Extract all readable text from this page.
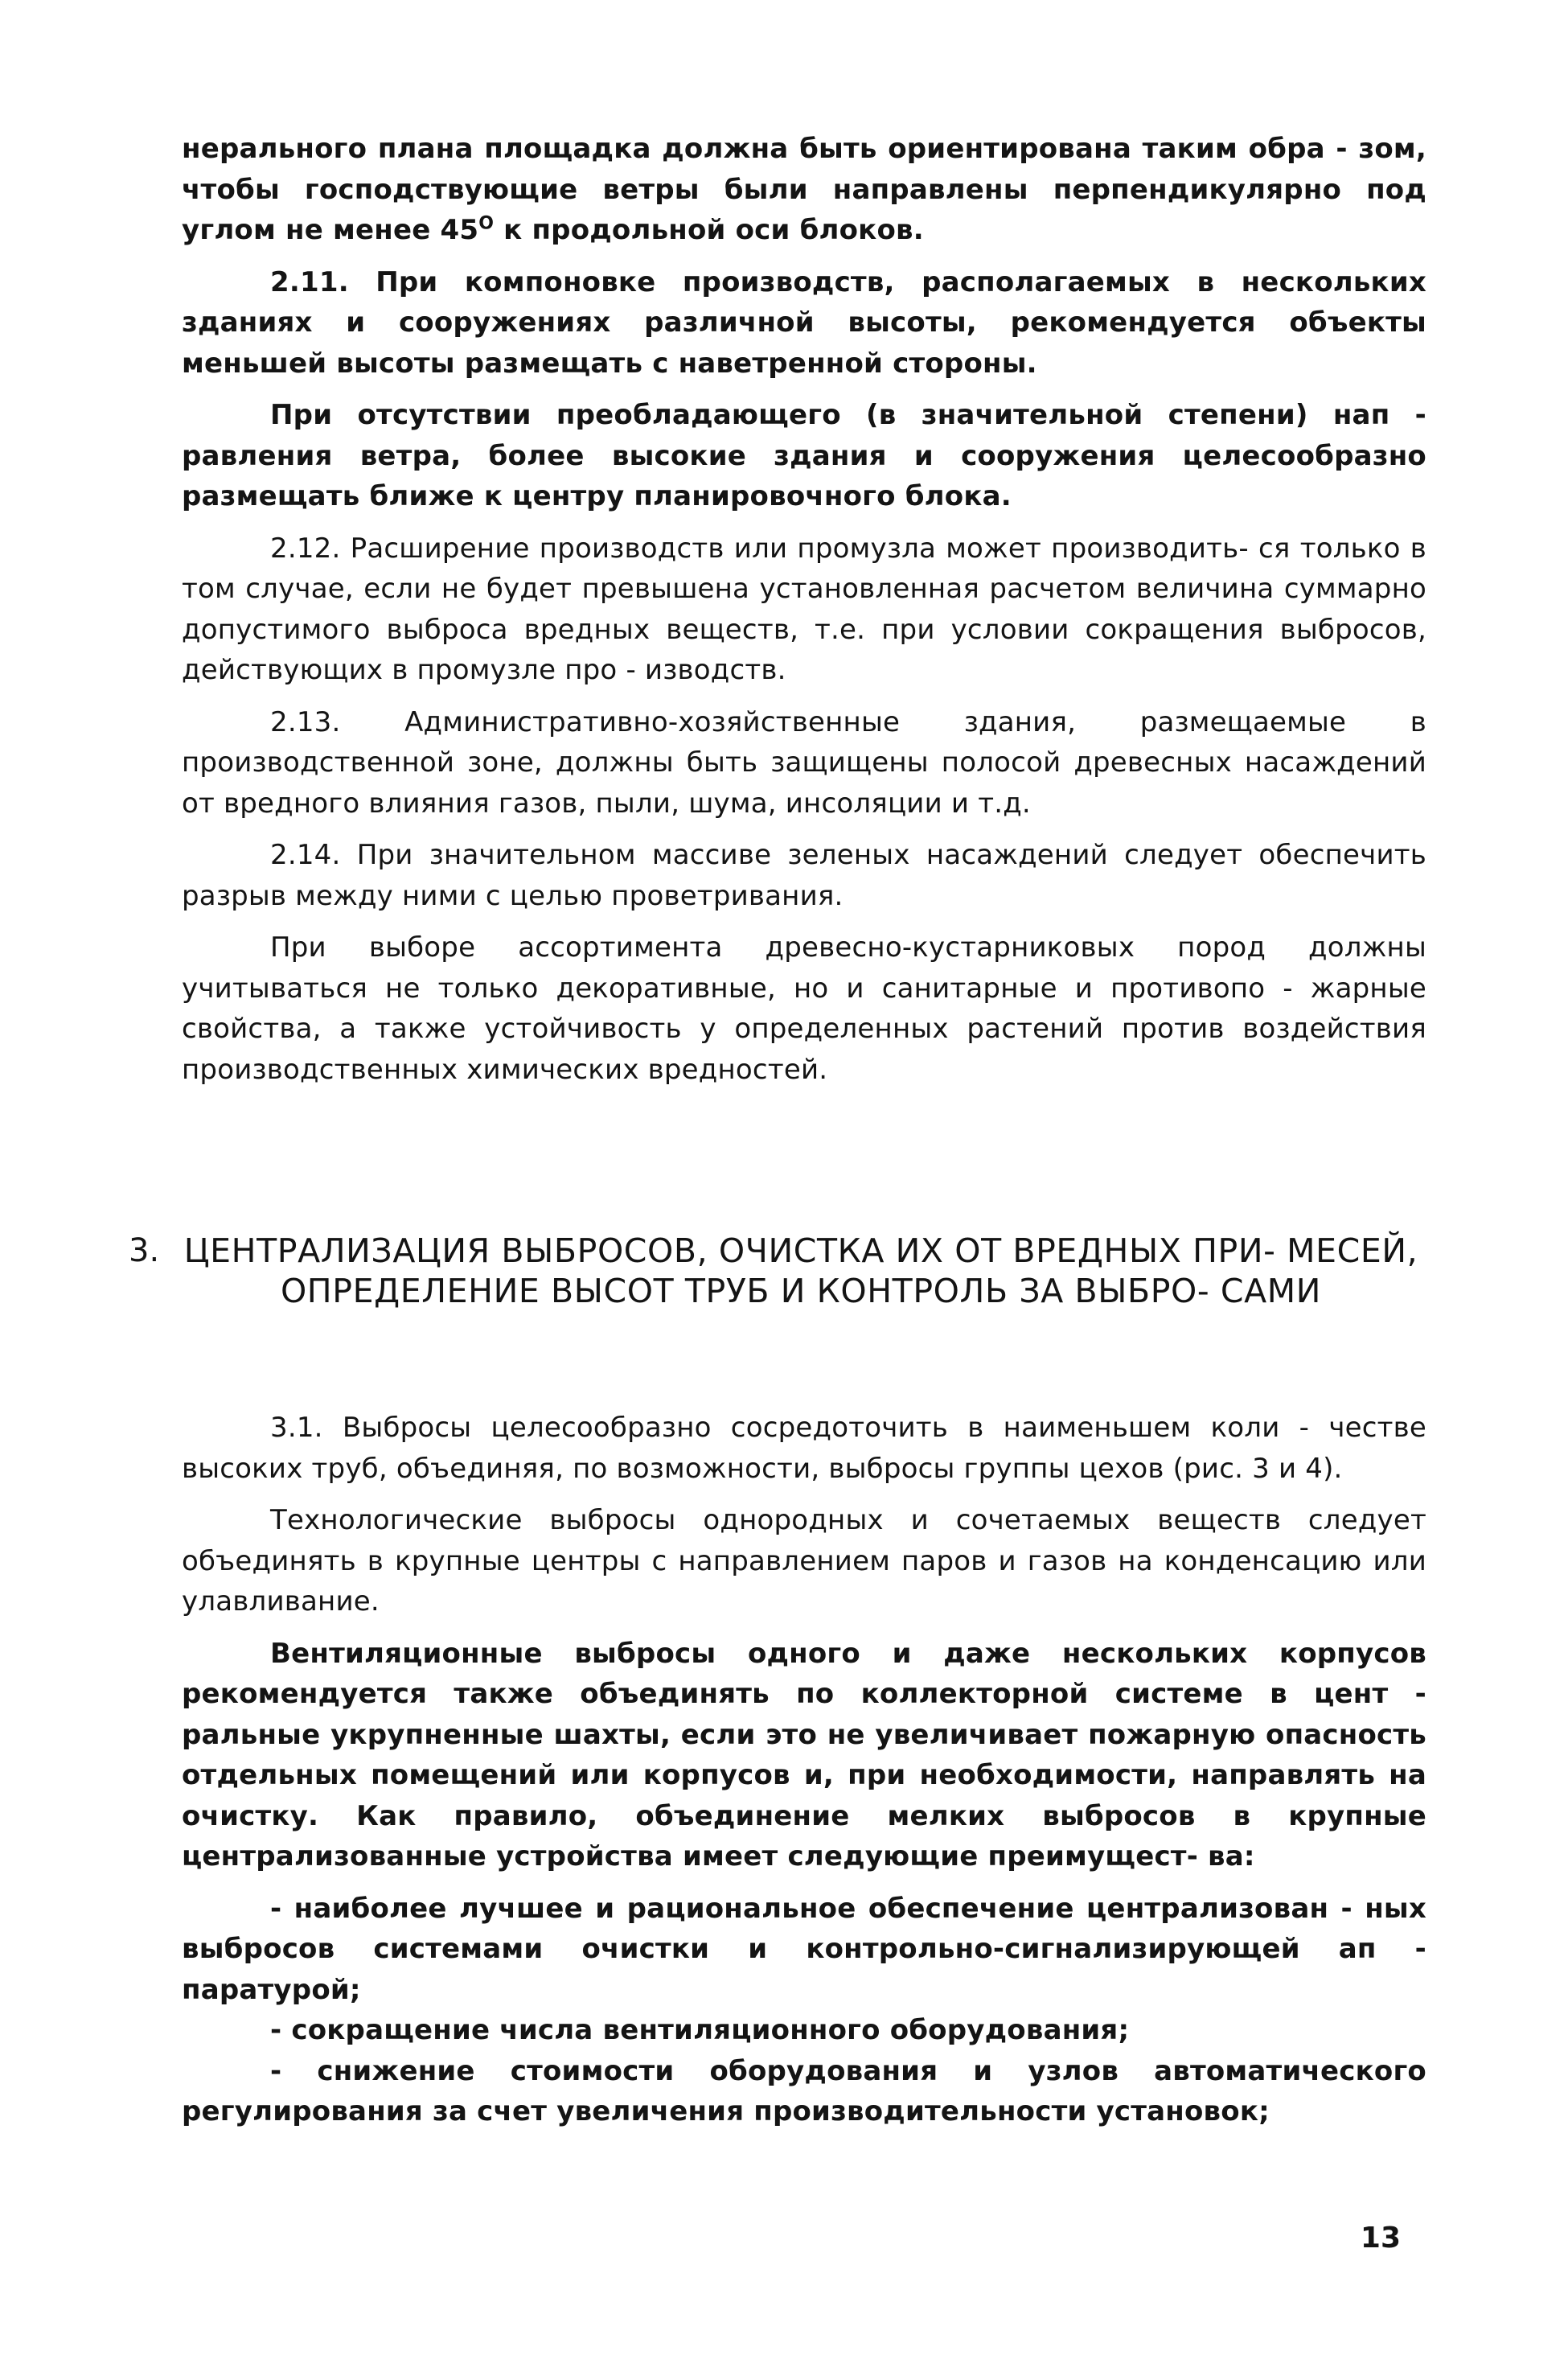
нерального плана площадка должна быть ориентирована таким обра - зом, чтобы господствующие ветры были направлены перпендикулярно под углом не менее $45^О$ к продольной оси блоков.

2.11. При компоновке производств, располагаемых в нескольких зданиях и сооружениях различной высоты, рекомендуется объекты меньшей высоты размещать с наветренной стороны.

При отсутствии преобладающего (в значительной степени) нап - равления ветра, более высокие здания и сооружения целесообразно размещать ближе к центру планировочного блока.

2.12. Расширение производств или промузла может производить- ся только в том случае, если не будет превышена установленная расчетом величина суммарно допустимого выброса вредных веществ, т.е. при условии сокращения выбросов, действующих в промузле про - изводств.

2.13. Административно-хозяйственные здания, размещаемые в производственной зоне, должны быть защищены полосой древесных насаждений от вредного влияния газов, пыли, шума, инсоляции и т.д.

2.14. При значительном массиве зеленых насаждений следует обеспечить разрыв между ними с целью проветривания.

При выборе ассортимента древесно-кустарниковых пород должны учитываться не только декоративные, но и санитарные и противопо - жарные свойства, а также устойчивость у определенных растений против воздействия производственных химических вредностей.

3. ЦЕНТРАЛИЗАЦИЯ ВЫБРОСОВ, ОЧИСТКА ИХ ОТ ВРЕДНЫХ ПРИ- МЕСЕЙ, ОПРЕДЕЛЕНИЕ ВЫСОТ ТРУБ И КОНТРОЛЬ ЗА ВЫБРО- САМИ

3.1. Выбросы целесообразно сосредоточить в наименьшем коли - честве высоких труб, объединяя, по возможности, выбросы группы цехов (рис. 3 и 4).

Технологические выбросы однородных и сочетаемых веществ следует объединять в крупные центры с направлением паров и газов на конденсацию или улавливание.

Вентиляционные выбросы одного и даже нескольких корпусов рекомендуется также объединять по коллекторной системе в цент - ральные укрупненные шахты, если это не увеличивает пожарную опасность отдельных помещений или корпусов и, при необходимости, направлять на очистку. Как правило, объединение мелких выбросов в крупные централизованные устройства имеет следующие преимущест- ва:

- наиболее лучшее и рациональное обеспечение централизован - ных выбросов системами очистки и контрольно-сигнализирующей ап - паратурой;

- сокращение числа вентиляционного оборудования;

- снижение стоимости оборудования и узлов автоматического регулирования за счет увеличения производительности установок;

13
